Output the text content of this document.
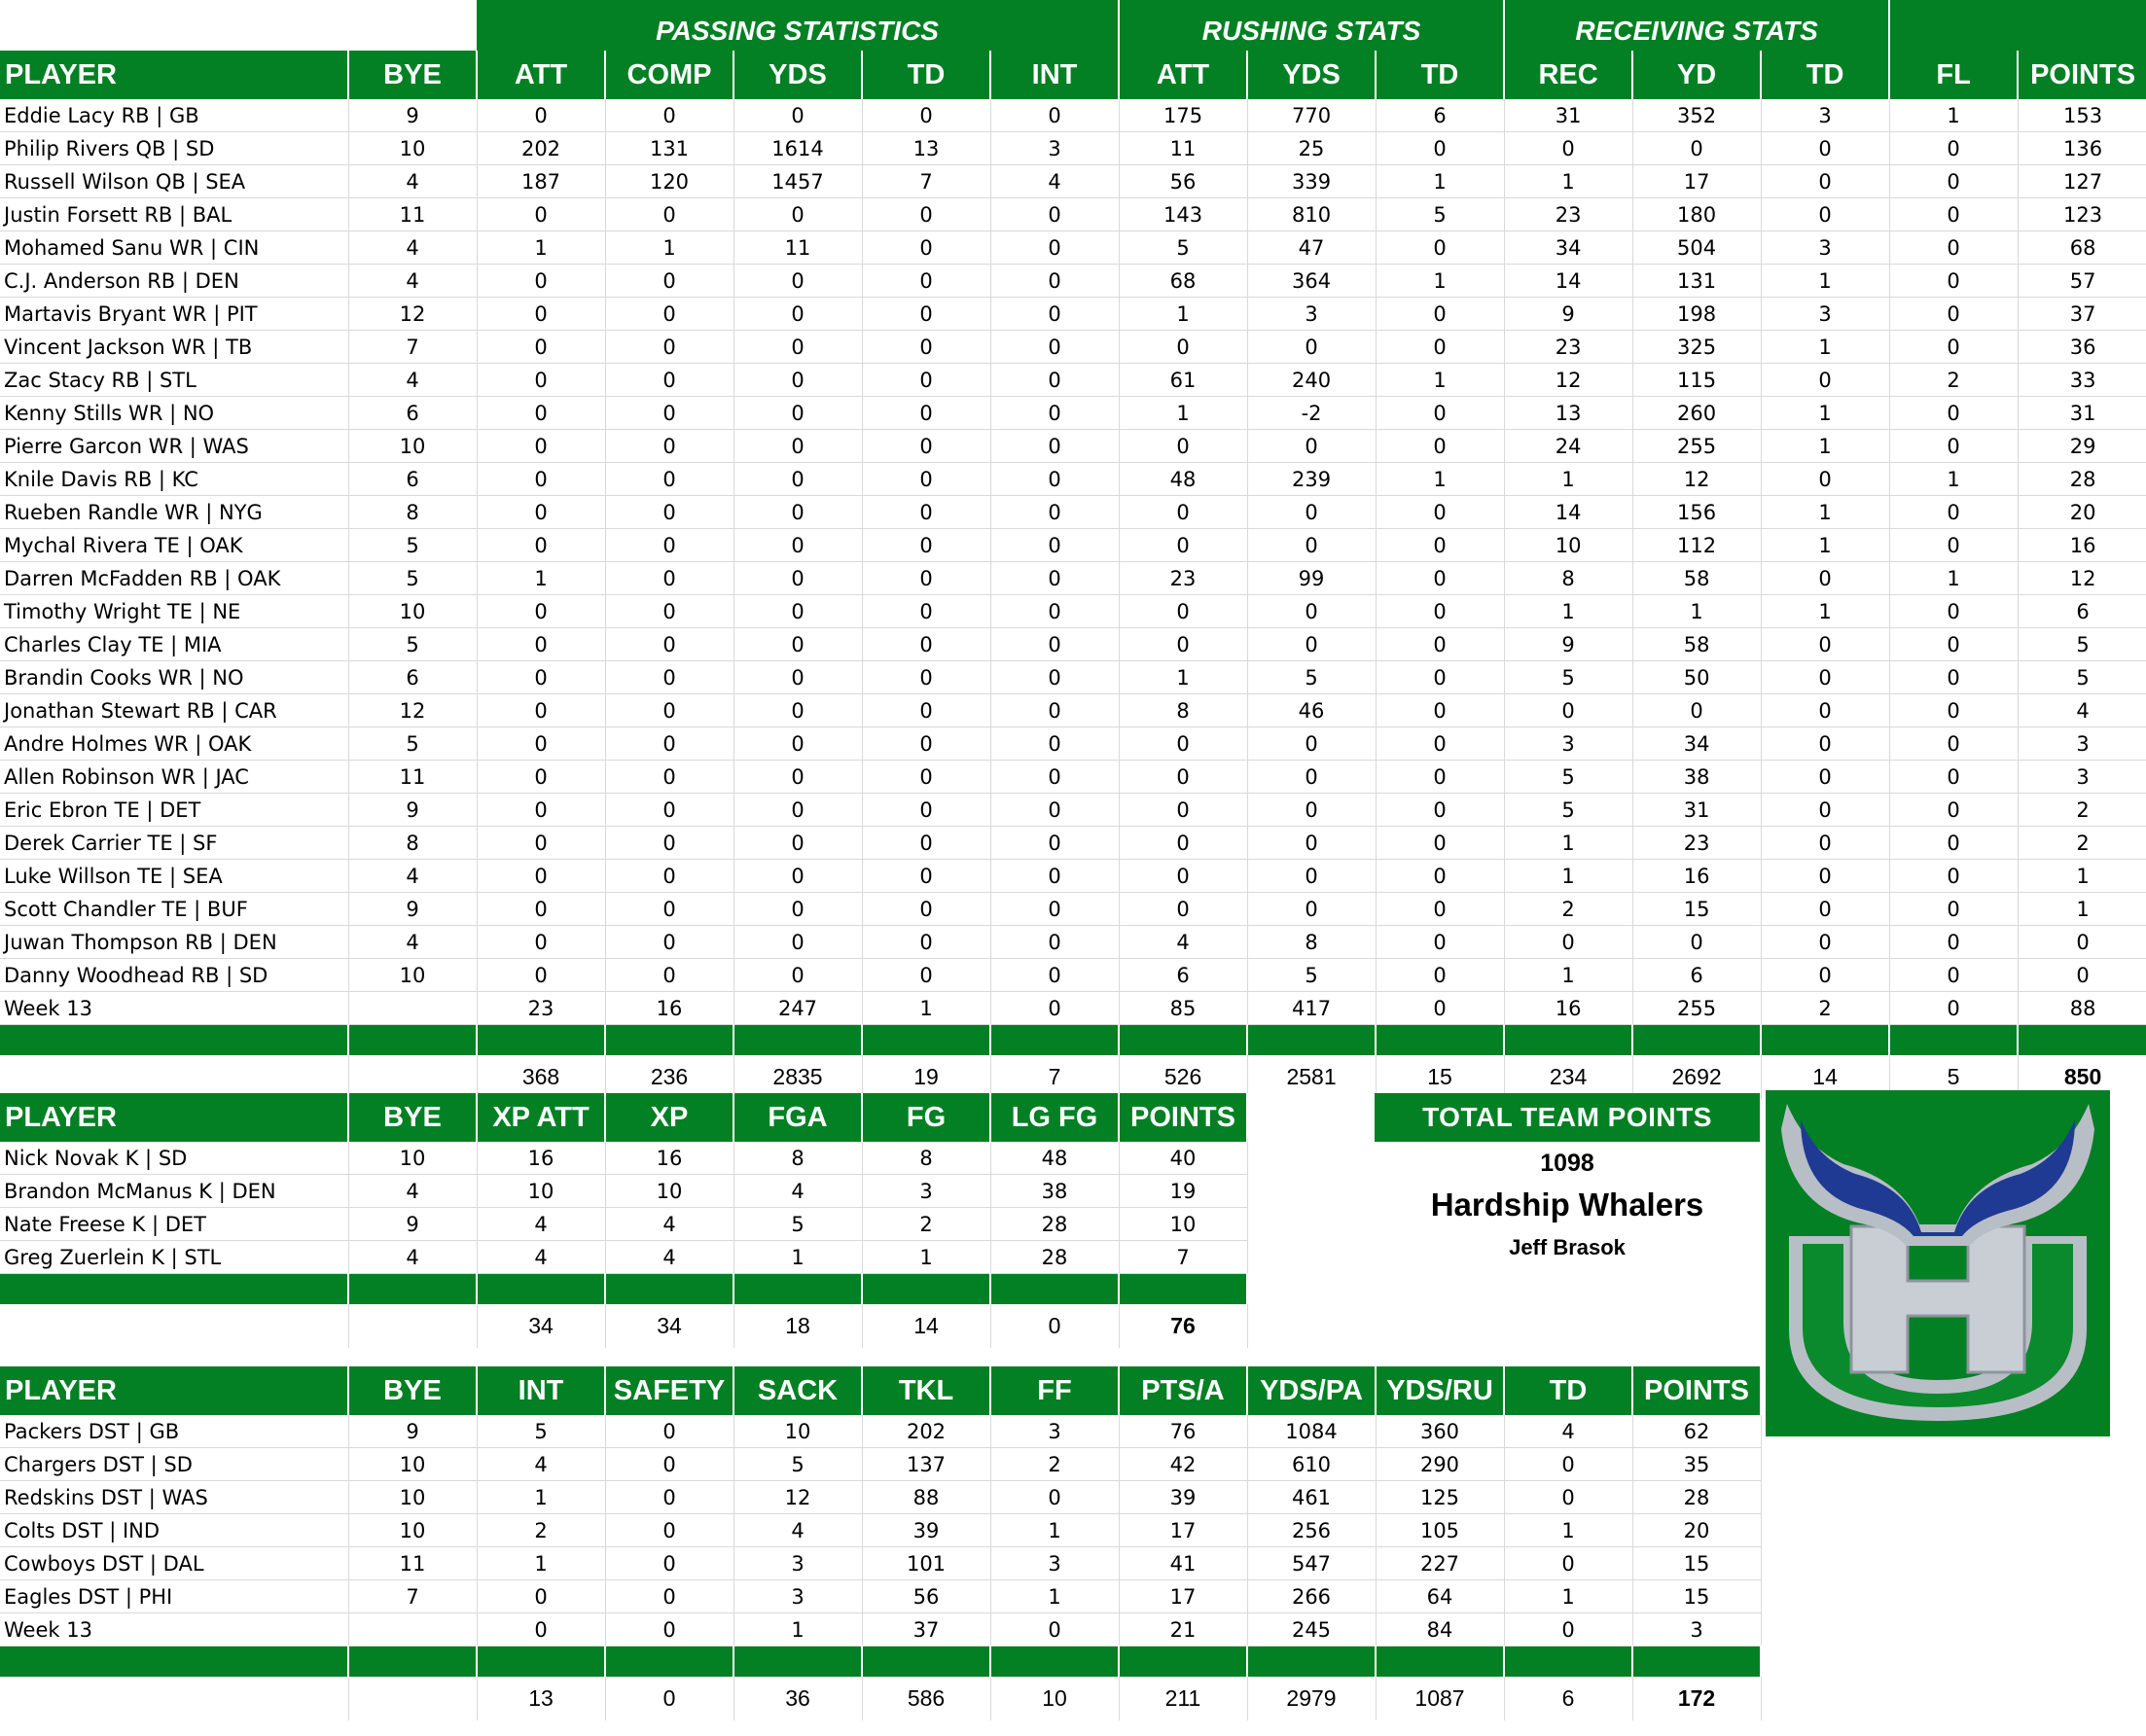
		PASSING STATISTICS					RUSHING STATS			RECEIVING STATS				
PLAYER	BYE	ATT	COMP	YDS	TD	INT	ATT	YDS	TD	REC	YD	TD	FL	POINTS
Eddie Lacy RB | GB	9	0	0	0	0	0	175	770	6	31	352	3	1	153
Philip Rivers QB | SD	10	202	131	1614	13	3	11	25	0	0	0	0	0	136
Russell Wilson QB | SEA	4	187	120	1457	7	4	56	339	1	1	17	0	0	127
Justin Forsett RB | BAL	11	0	0	0	0	0	143	810	5	23	180	0	0	123
Mohamed Sanu WR | CIN	4	1	1	11	0	0	5	47	0	34	504	3	0	68
C.J. Anderson RB | DEN	4	0	0	0	0	0	68	364	1	14	131	1	0	57
Martavis Bryant WR | PIT	12	0	0	0	0	0	1	3	0	9	198	3	0	37
Vincent Jackson WR | TB	7	0	0	0	0	0	0	0	0	23	325	1	0	36
Zac Stacy RB | STL	4	0	0	0	0	0	61	240	1	12	115	0	2	33
Kenny Stills WR | NO	6	0	0	0	0	0	1	-2	0	13	260	1	0	31
Pierre Garcon WR | WAS	10	0	0	0	0	0	0	0	0	24	255	1	0	29
Knile Davis RB | KC	6	0	0	0	0	0	48	239	1	1	12	0	1	28
Rueben Randle WR | NYG	8	0	0	0	0	0	0	0	0	14	156	1	0	20
Mychal Rivera TE | OAK	5	0	0	0	0	0	0	0	0	10	112	1	0	16
Darren McFadden RB | OAK	5	1	0	0	0	0	23	99	0	8	58	0	1	12
Timothy Wright TE | NE	10	0	0	0	0	0	0	0	0	1	1	1	0	6
Charles Clay TE | MIA	5	0	0	0	0	0	0	0	0	9	58	0	0	5
Brandin Cooks WR | NO	6	0	0	0	0	0	1	5	0	5	50	0	0	5
Jonathan Stewart RB | CAR	12	0	0	0	0	0	8	46	0	0	0	0	0	4
Andre Holmes WR | OAK	5	0	0	0	0	0	0	0	0	3	34	0	0	3
Allen Robinson WR | JAC	11	0	0	0	0	0	0	0	0	5	38	0	0	3
Eric Ebron TE | DET	9	0	0	0	0	0	0	0	0	5	31	0	0	2
Derek Carrier TE | SF	8	0	0	0	0	0	0	0	0	1	23	0	0	2
Luke Willson TE | SEA	4	0	0	0	0	0	0	0	0	1	16	0	0	1
Scott Chandler TE | BUF	9	0	0	0	0	0	0	0	0	2	15	0	0	1
Juwan Thompson RB | DEN	4	0	0	0	0	0	4	8	0	0	0	0	0	0
Danny Woodhead RB | SD	10	0	0	0	0	0	6	5	0	1	6	0	0	0
Week 13		23	16	247	1	0	85	417	0	16	255	2	0	88

		368	236	2835	19	7	526	2581	15	234	2692	14	5	850
PLAYER	BYE	XP ATT	XP	FGA	FG	LG FG	POINTS
Nick Novak K | SD	10	16	16	8	8	48	40
Brandon McManus K | DEN	4	10	10	4	3	38	19
Nate Freese K | DET	9	4	4	5	2	28	10
Greg Zuerlein K | STL	4	4	4	1	1	28	7

		34	34	18	14	0	76
PLAYER	BYE	INT	SAFETY	SACK	TKL	FF	PTS/A	YDS/PA	YDS/RU	TD	POINTS
Packers DST | GB	9	5	0	10	202	3	76	1084	360	4	62
Chargers DST | SD	10	4	0	5	137	2	42	610	290	0	35
Redskins DST | WAS	10	1	0	12	88	0	39	461	125	0	28
Colts DST | IND	10	2	0	4	39	1	17	256	105	1	20
Cowboys DST | DAL	11	1	0	3	101	3	41	547	227	0	15
Eagles DST | PHI	7	0	0	3	56	1	17	266	64	1	15
Week 13		0	0	1	37	0	21	245	84	0	3

		13	0	36	586	10	211	2979	1087	6	172
TOTAL TEAM POINTS
1098
Hardship Whalers
Jeff Brasok
